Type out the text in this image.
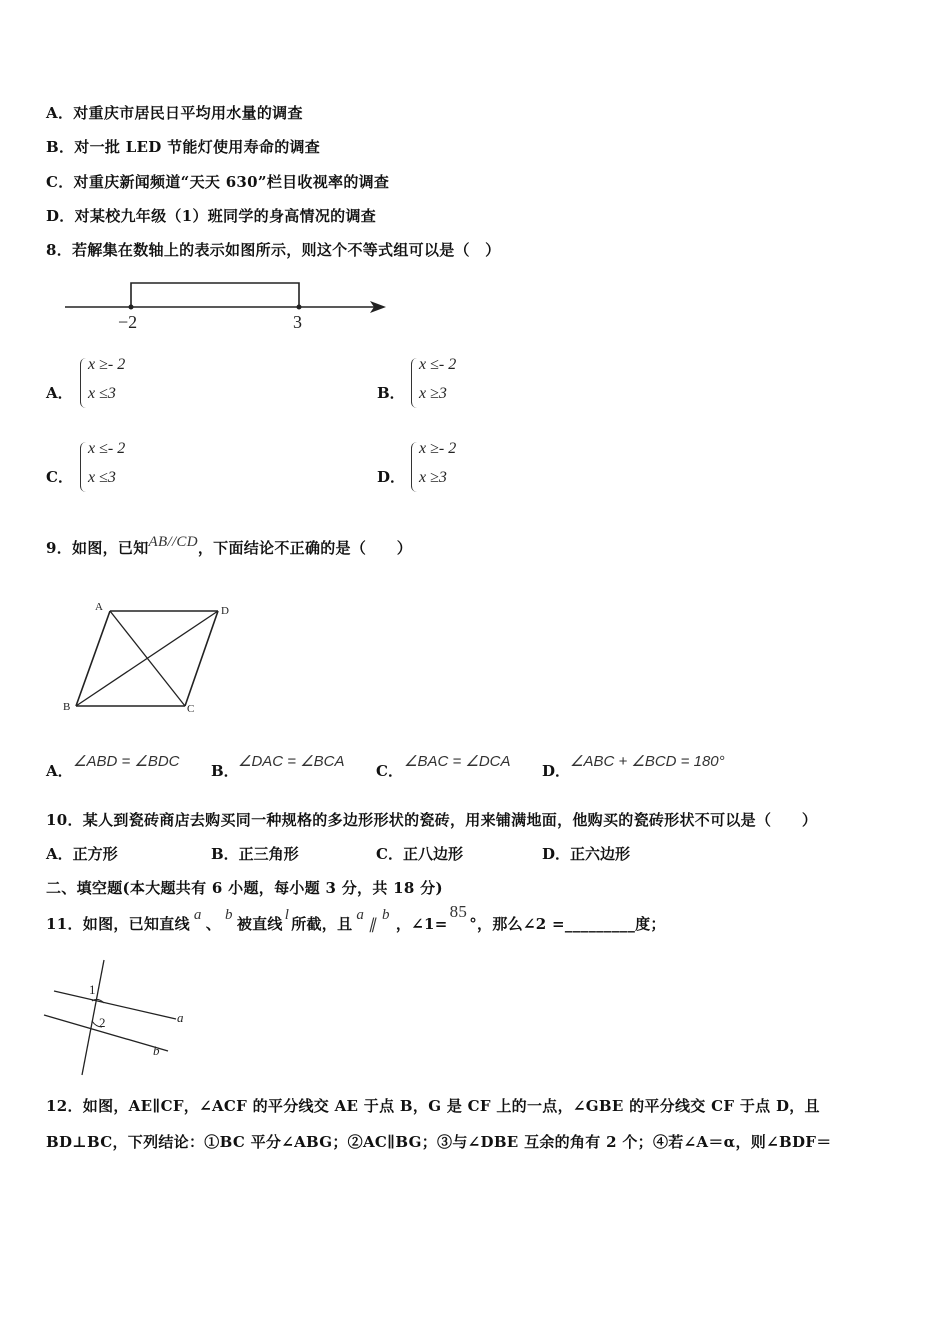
A．对重庆市居民日平均用水量的调查
B．对一批 LED 节能灯使用寿命的调查
C．对重庆新闻频道“天天 630”栏目收视率的调查
D．对某校九年级（1）班同学的身高情况的调查
8．若解集在数轴上的表示如图所示，则这个不等式组可以是（　）
−2	3
A．
x ≥- 2
x ≤3	B．
x ≤- 2
x ≥3
C．
x ≤- 2
x ≤3	D．
x ≥- 2
x ≥3
9．如图，已知AB//CD，下面结论不正确的是（　　）
A	D
B	C
A．
∠ABD = ∠BDC
B．
∠DAC = ∠BCA
C．
∠BAC = ∠DCA
D．
∠ABC + ∠BCD = 180°
10．某人到瓷砖商店去购买同一种规格的多边形形状的瓷砖，用来铺满地面，他购买的瓷砖形状不可以是（　　）
A．正方形	B．正三角形	C．正八边形	D．正六边形
二、填空题(本大题共有 6 小题，每小题 3 分，共 18 分)
11．如图，已知直线 a 、 b 被直线 l 所截，且 a∥b ，∠1=85°，那么∠2 =_________度；
1
2	a
b
12．如图，AE∥CF，∠ACF 的平分线交 AE 于点 B，G 是 CF 上的一点，∠GBE 的平分线交 CF 于点 D，且
BD⊥BC，下列结论：①BC 平分∠ABG；②AC∥BG；③与∠DBE 互余的角有 2 个；④若∠A＝α，则∠BDF＝
